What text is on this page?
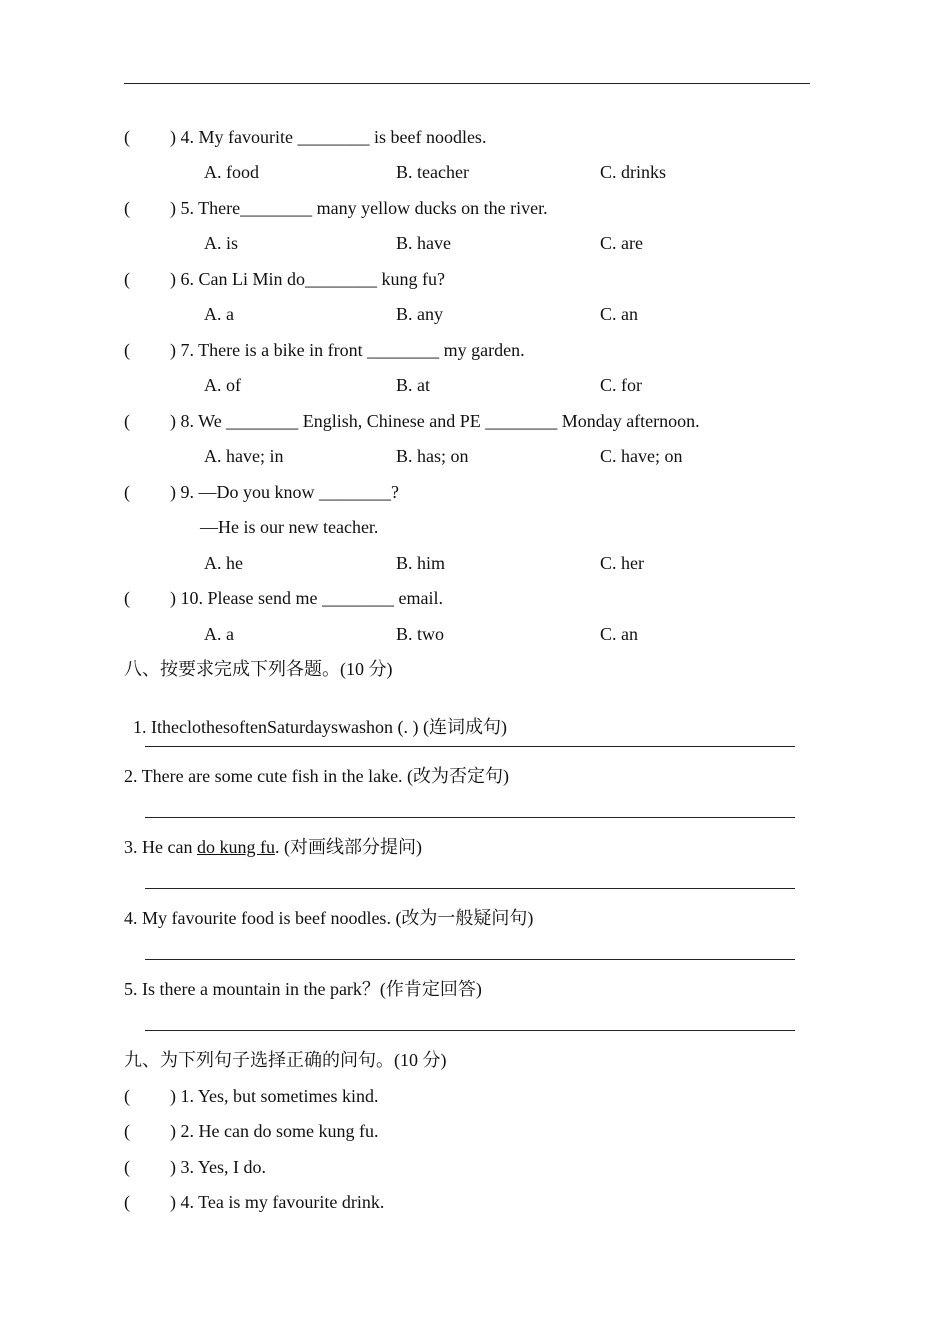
( ) 4. My favourite ________ is beef noodles.
A. food	B. teacher	C. drinks
( ) 5. There________ many yellow ducks on the river.
A. is	B. have	C. are
( ) 6. Can Li Min do________ kung fu?
A. a	B. any	C. an
( ) 7. There is a bike in front ________ my garden.
A. of	B. at	C. for
( ) 8. We ________ English, Chinese and PE ________ Monday afternoon.
A. have; in	B. has; on	C. have; on
( ) 9. —Do you know ________?
—He is our new teacher.
A. he	B. him	C. her
( ) 10. Please send me ________ email.
A. a	B. two	C. an
八、按要求完成下列各题。(10 分)

1. ItheclothesoftenSaturdayswashon (. ) (连词成句)

2. There are some cute fish in the lake. (改为否定句)
3. He can do kung fu. (对画线部分提问)
4. My favourite food is beef noodles. (改为一般疑问句)
5. Is there a mountain in the park？(作肯定回答)
九、为下列句子选择正确的问句。(10 分)
( ) 1. Yes, but sometimes kind.
( ) 2. He can do some kung fu.
( ) 3. Yes, I do.
( ) 4. Tea is my favourite drink.
